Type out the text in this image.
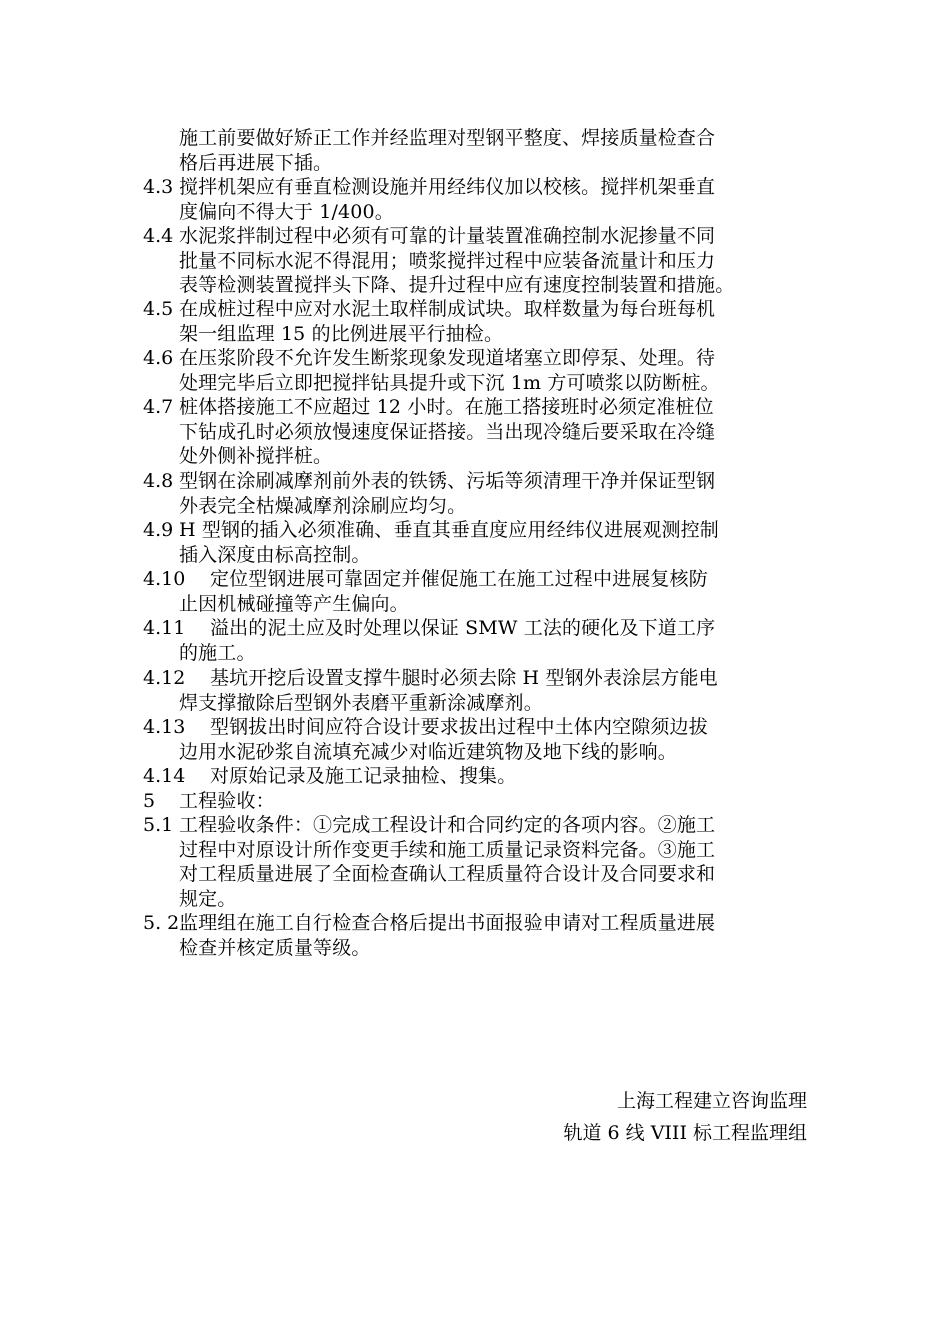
施工前要做好矫正工作并经监理对型钢平整度、焊接质量检查合
格后再进展下插。
4.3 搅拌机架应有垂直检测设施并用经纬仪加以校核。搅拌机架垂直
度偏向不得大于 1/400。
4.4 水泥浆拌制过程中必须有可靠的计量装置准确控制水泥掺量不同
批量不同标水泥不得混用；喷浆搅拌过程中应装备流量计和压力
表等检测装置搅拌头下降、提升过程中应有速度控制装置和措施。
4.5 在成桩过程中应对水泥土取样制成试块。取样数量为每台班每机
架一组监理 15 的比例进展平行抽检。
4.6 在压浆阶段不允许发生断浆现象发现道堵塞立即停泵、处理。待
处理完毕后立即把搅拌钻具提升或下沉 1m 方可喷浆以防断桩。
4.7 桩体搭接施工不应超过 12 小时。在施工搭接班时必须定准桩位
下钻成孔时必须放慢速度保证搭接。当出现冷缝后要采取在冷缝
处外侧补搅拌桩。
4.8 型钢在涂刷减摩剂前外表的铁锈、污垢等须清理干净并保证型钢
外表完全枯燥减摩剂涂刷应均匀。
4.9 H 型钢的插入必须准确、垂直其垂直度应用经纬仪进展观测控制
插入深度由标高控制。
4.10
定位型钢进展可靠固定并催促施工在施工过程中进展复核防
止因机械碰撞等产生偏向。
4.11
溢出的泥土应及时处理以保证 SMW 工法的硬化及下道工序
的施工。
4.12
基坑开挖后设置支撑牛腿时必须去除 H 型钢外表涂层方能电
焊支撑撤除后型钢外表磨平重新涂减摩剂。
4.13
型钢拔出时间应符合设计要求拔出过程中土体内空隙须边拔
边用水泥砂浆自流填充减少对临近建筑物及地下线的影响。
4.14
对原始记录及施工记录抽检、搜集。
5 工程验收：
5.1 工程验收条件：①完成工程设计和合同约定的各项内容。②施工
过程中对原设计所作变更手续和施工质量记录资料完备。③施工
对工程质量进展了全面检查确认工程质量符合设计及合同要求和
规定。
5. 2 监理组在施工自行检查合格后提出书面报验申请对工程质量进展
检查并核定质量等级。
上海工程建立咨询监理
轨道 6 线 VIII 标工程监理组
